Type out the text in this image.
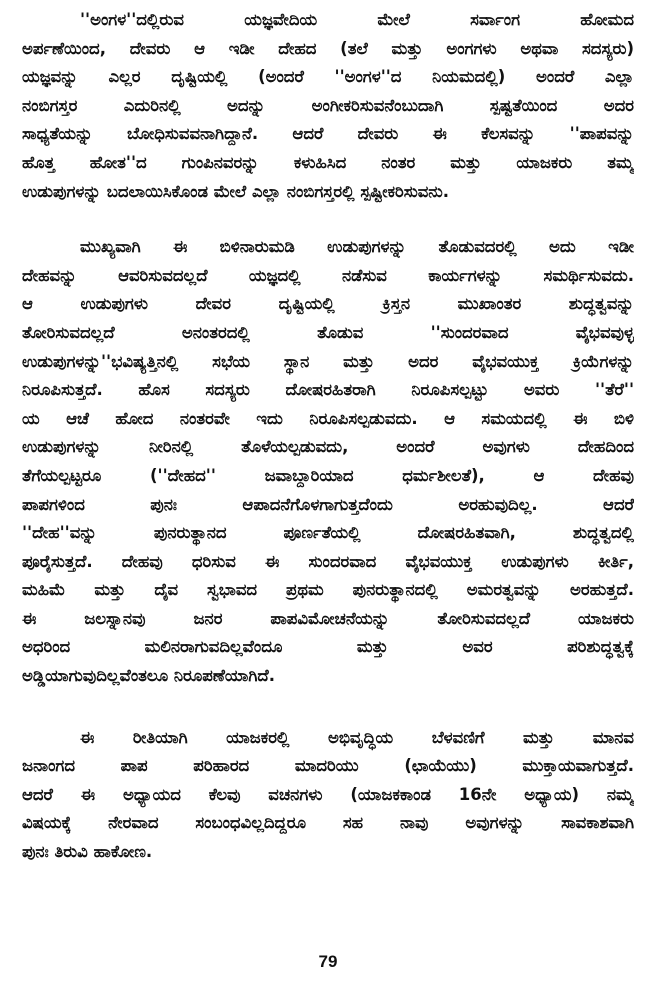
''ಅಂಗಳ''ದಲ್ಲಿರುವ ಯಜ್ಞವೇದಿಯ ಮೇಲೆ ಸರ್ವಾಂಗ ಹೋಮದ
ಅರ್ಪಣೆಯಿಂದ, ದೇವರು ಆ ಇಡೀ ದೇಹದ (ತಲೆ ಮತ್ತು ಅಂಗಗಳು ಅಥವಾ ಸದಸ್ಯರು)
ಯಜ್ಞವನ್ನು ಎಲ್ಲರ ದೃಷ್ಟಿಯಲ್ಲಿ (ಅಂದರೆ ''ಅಂಗಳ''ದ ನಿಯಮದಲ್ಲಿ) ಅಂದರೆ ಎಲ್ಲಾ
ನಂಬಿಗಸ್ತರ ಎದುರಿನಲ್ಲಿ ಅದನ್ನು ಅಂಗೀಕರಿಸುವನೆಂಬುದಾಗಿ ಸ್ಪಷ್ಟತೆಯಿಂದ ಅದರ
ಸಾಧ್ಯತೆಯನ್ನು ಬೋಧಿಸುವವನಾಗಿದ್ದಾನೆ. ಆದರೆ ದೇವರು ಈ ಕೆಲಸವನ್ನು ''ಪಾಪವನ್ನು
ಹೊತ್ತ ಹೋತ''ದ ಗುಂಪಿನವರನ್ನು ಕಳುಹಿಸಿದ ನಂತರ ಮತ್ತು ಯಾಜಕರು ತಮ್ಮ
ಉಡುಪುಗಳನ್ನು ಬದಲಾಯಿಸಿಕೊಂಡ ಮೇಲೆ ಎಲ್ಲಾ ನಂಬಿಗಸ್ತರಲ್ಲಿ ಸ್ಪಷ್ಟೀಕರಿಸುವನು.
ಮುಖ್ಯವಾಗಿ ಈ ಬಿಳಿನಾರುಮಡಿ ಉಡುಪುಗಳನ್ನು ತೊಡುವದರಲ್ಲಿ ಅದು ಇಡೀ
ದೇಹವನ್ನು ಆವರಿಸುವದಲ್ಲದೆ ಯಜ್ಞದಲ್ಲಿ ನಡೆಸುವ ಕಾರ್ಯಗಳನ್ನು ಸಮರ್ಥಿಸುವದು.
ಆ ಉಡುಪುಗಳು ದೇವರ ದೃಷ್ಟಿಯಲ್ಲಿ ಕ್ರಿಸ್ತನ ಮುಖಾಂತರ ಶುದ್ಧತ್ವವನ್ನು
ತೋರಿಸುವದಲ್ಲದೆ ಅನಂತರದಲ್ಲಿ ತೊಡುವ ''ಸುಂದರವಾದ ವೈಭವವುಳ್ಳ
ಉಡುಪುಗಳನ್ನು''ಭವಿಷ್ಯತ್ತಿನಲ್ಲಿ ಸಭೆಯ ಸ್ಥಾನ ಮತ್ತು ಅದರ ವೈಭವಯುಕ್ತ ಕ್ರಿಯೆಗಳನ್ನು
ನಿರೂಪಿಸುತ್ತದೆ. ಹೊಸ ಸದಸ್ಯರು ದೋಷರಹಿತರಾಗಿ ನಿರೂಪಿಸಲ್ಪಟ್ಟು ಅವರು ''ತೆರೆ''
ಯ ಆಚೆ ಹೋದ ನಂತರವೇ ಇದು ನಿರೂಪಿಸಲ್ಪಡುವದು. ಆ ಸಮಯದಲ್ಲಿ ಈ ಬಿಳಿ
ಉಡುಪುಗಳನ್ನು ನೀರಿನಲ್ಲಿ ತೊಳೆಯಲ್ಪಡುವದು, ಅಂದರೆ ಅವುಗಳು ದೇಹದಿಂದ
ತೆಗೆಯಲ್ಪಟ್ಟರೂ (''ದೇಹದ'' ಜವಾಬ್ದಾರಿಯಾದ ಧರ್ಮಶೀಲತೆ), ಆ ದೇಹವು
ಪಾಪಗಳಿಂದ ಪುನಃ ಆಪಾದನೆಗೊಳಗಾಗುತ್ತದೆಂದು ಅರಹುವುದಿಲ್ಲ. ಆದರೆ
''ದೇಹ''ವನ್ನು ಪುನರುತ್ಥಾನದ ಪೂರ್ಣತೆಯಲ್ಲಿ ದೋಷರಹಿತವಾಗಿ, ಶುದ್ಧತ್ವದಲ್ಲಿ
ಪೂರೈಸುತ್ತದೆ. ದೇಹವು ಧರಿಸುವ ಈ ಸುಂದರವಾದ ವೈಭವಯುಕ್ತ ಉಡುಪುಗಳು ಕೀರ್ತಿ,
ಮಹಿಮೆ ಮತ್ತು ದೈವ ಸ್ವಭಾವದ ಪ್ರಥಮ ಪುನರುತ್ಥಾನದಲ್ಲಿ ಅಮರತ್ವವನ್ನು ಅರಹುತ್ತದೆ.
ಈ ಜಲಸ್ನಾನವು ಜನರ ಪಾಪವಿಮೋಚನೆಯನ್ನು ತೋರಿಸುವದಲ್ಲದೆ ಯಾಜಕರು
ಅಧರಿಂದ ಮಲಿನರಾಗುವದಿಲ್ಲವೆಂದೂ ಮತ್ತು ಅವರ ಪರಿಶುದ್ಧತ್ವಕ್ಕೆ
ಅಡ್ಡಿಯಾಗುವುದಿಲ್ಲವೆಂತಲೂ ನಿರೂಪಣೆಯಾಗಿದೆ.
ಈ ರೀತಿಯಾಗಿ ಯಾಜಕರಲ್ಲಿ ಅಭಿವೃದ್ಧಿಯ ಬೆಳವಣಿಗೆ ಮತ್ತು ಮಾನವ
ಜನಾಂಗದ ಪಾಪ ಪರಿಹಾರದ ಮಾದರಿಯು (ಛಾಯೆಯು) ಮುಕ್ತಾಯವಾಗುತ್ತದೆ.
ಆದರೆ ಈ ಅಧ್ಯಾಯದ ಕೆಲವು ವಚನಗಳು (ಯಾಜಕಕಾಂಡ 16ನೇ ಅಧ್ಯಾಯ) ನಮ್ಮ
ವಿಷಯಕ್ಕೆ ನೇರವಾದ ಸಂಬಂಧವಿಲ್ಲದಿದ್ದರೂ ಸಹ ನಾವು ಅವುಗಳನ್ನು ಸಾವಕಾಶವಾಗಿ
ಪುನಃ ತಿರುವಿ ಹಾಕೋಣ.
79
